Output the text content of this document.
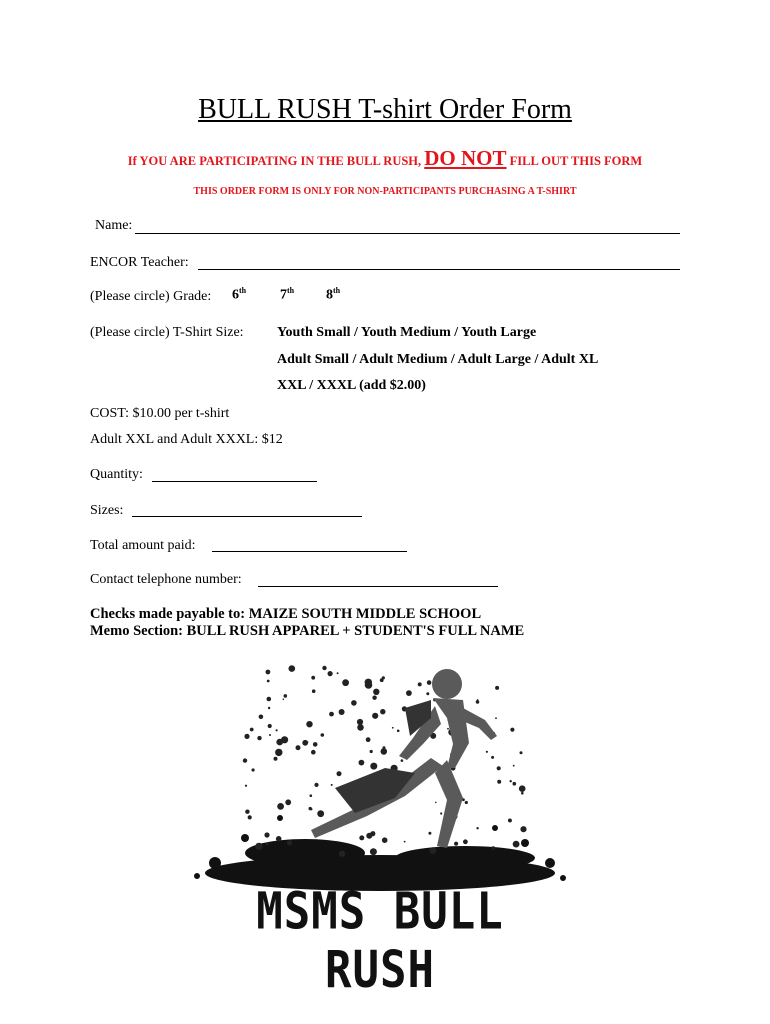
BULL RUSH T-shirt Order Form
If YOU ARE PARTICIPATING IN THE BULL RUSH, DO NOT FILL OUT THIS FORM
THIS ORDER FORM IS ONLY FOR NON-PARTICIPANTS PURCHASING A T-SHIRT
Name:
ENCOR Teacher:
(Please circle) Grade: 6th 7th 8th
(Please circle) T-Shirt Size: Youth Small / Youth Medium / Youth Large
Adult Small / Adult Medium / Adult Large / Adult XL
XXL / XXXL (add $2.00)
COST: $10.00 per t-shirt
Adult XXL and Adult XXXL: $12
Quantity:
Sizes:
Total amount paid:
Contact telephone number:
Checks made payable to: MAIZE SOUTH MIDDLE SCHOOL
Memo Section: BULL RUSH APPAREL + STUDENT'S FULL NAME
MSMS BULL RUSH
